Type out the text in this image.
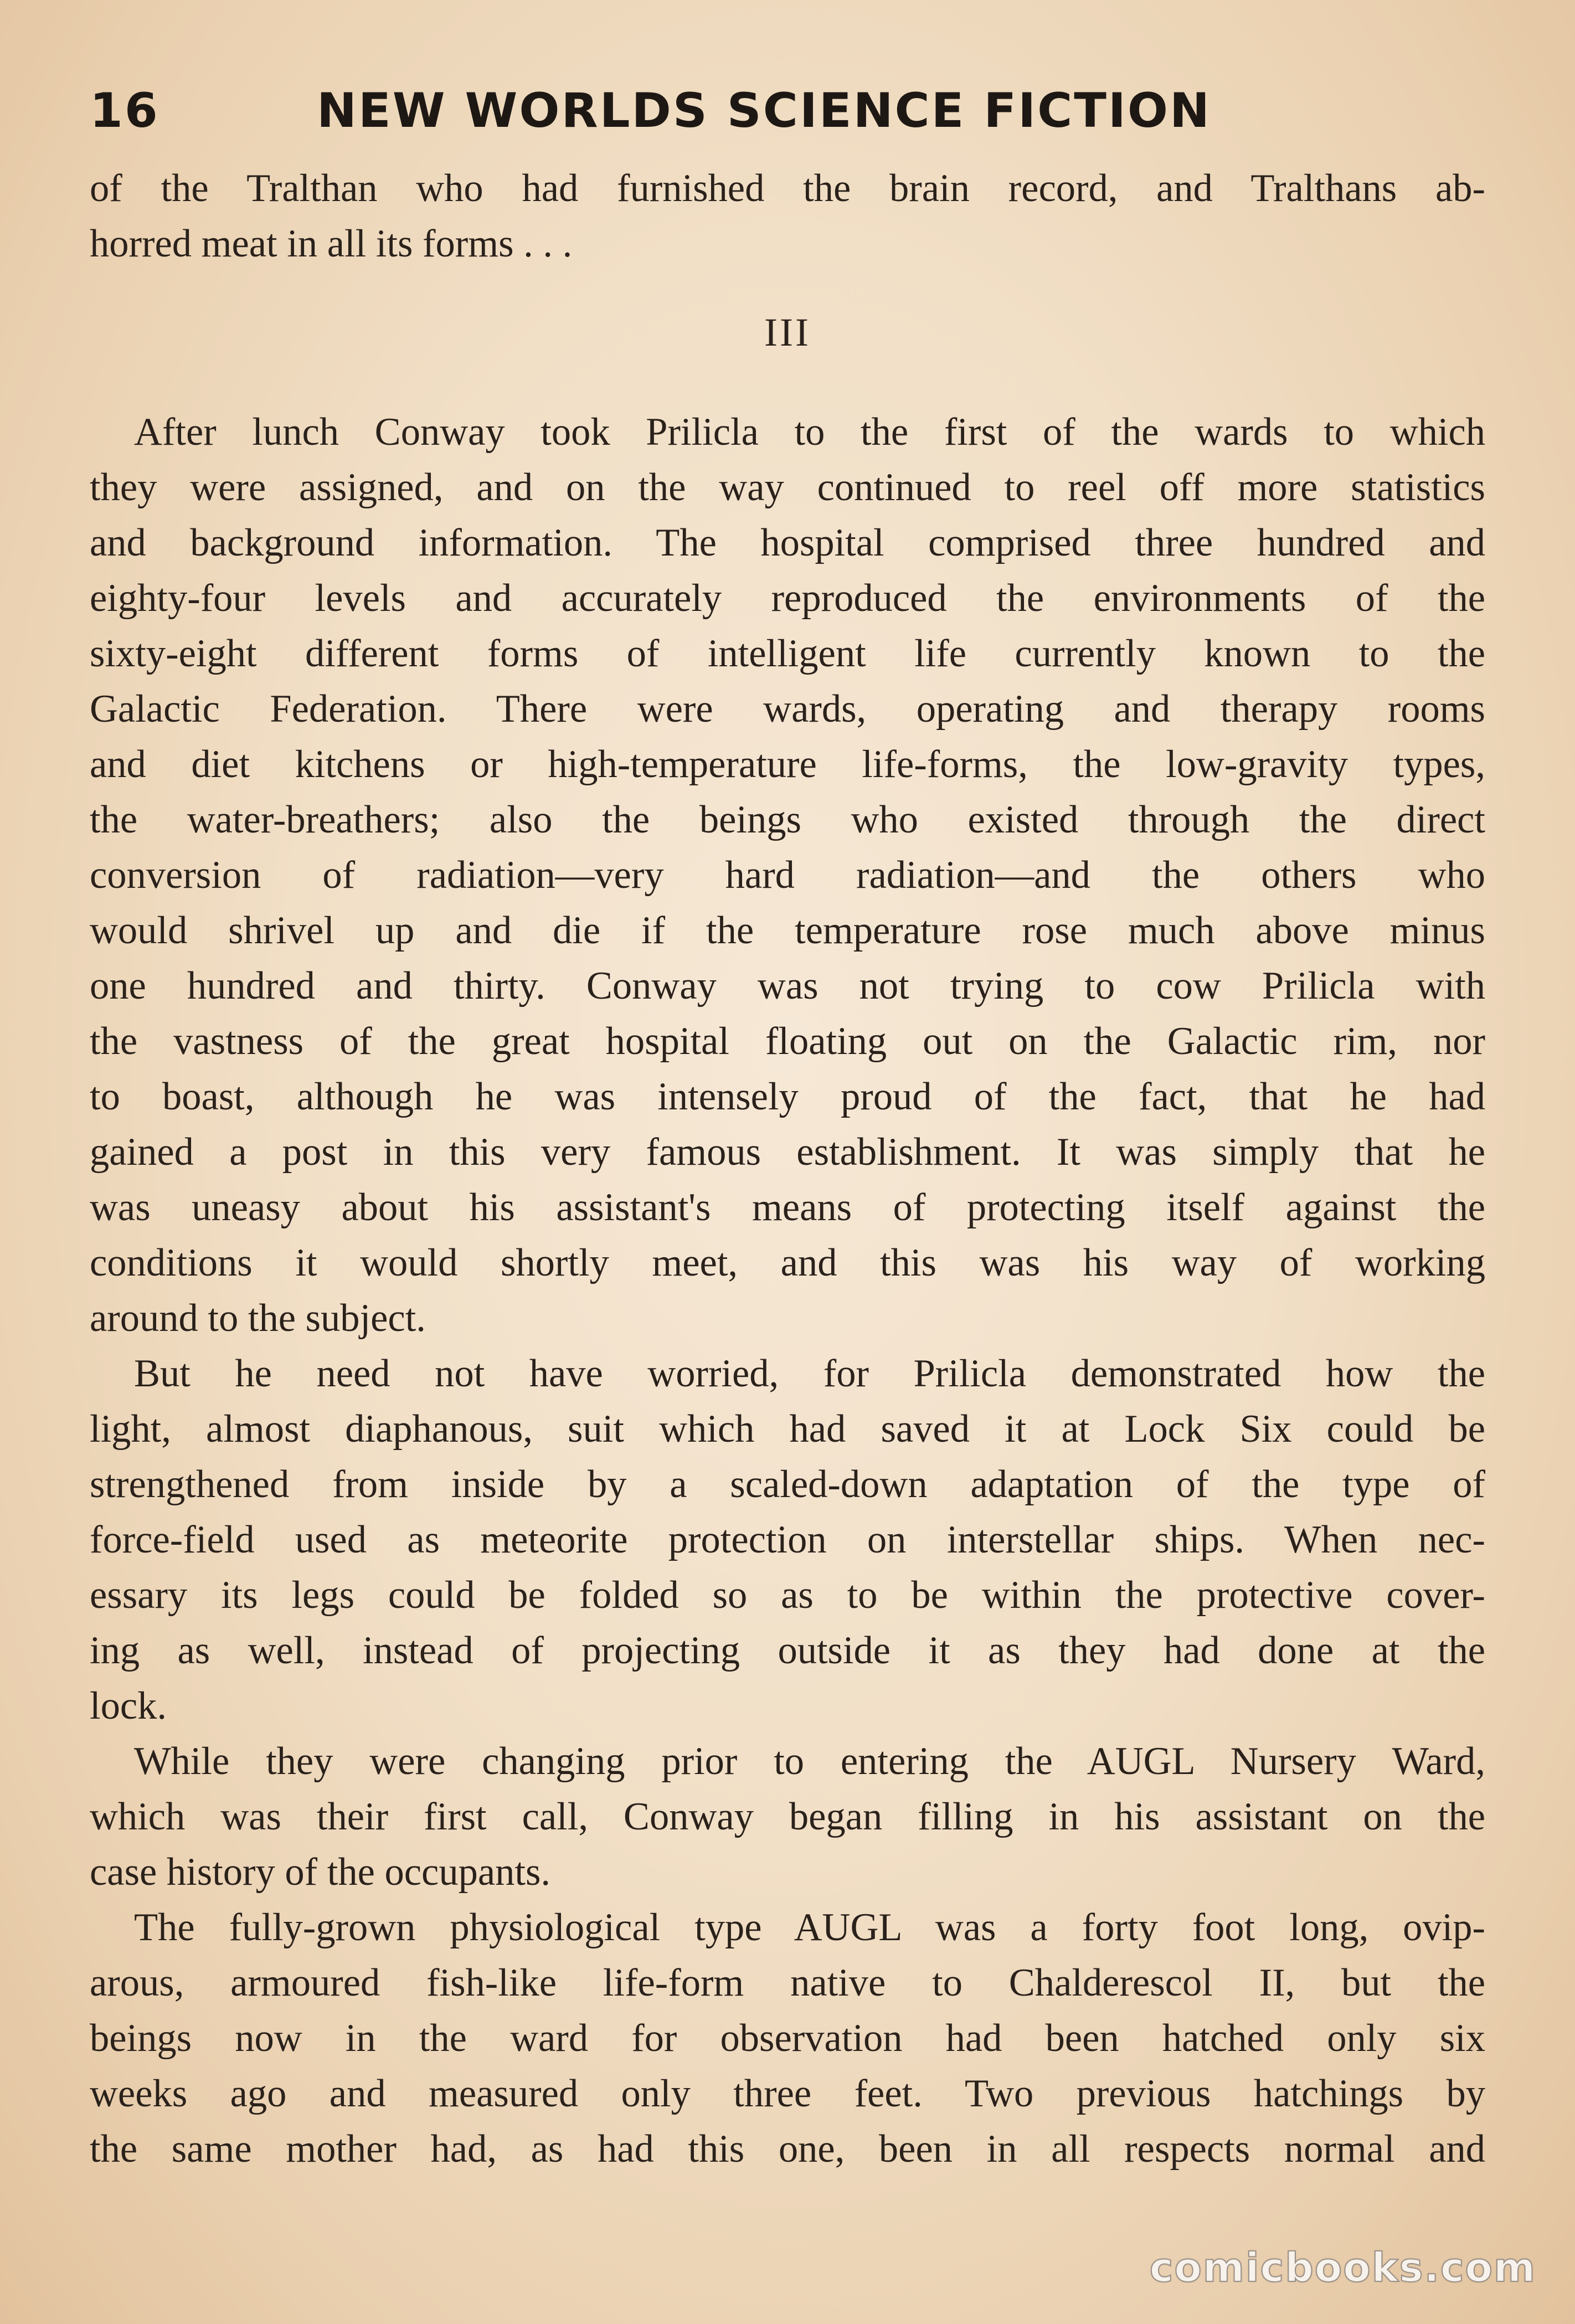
16	NEW WORLDS SCIENCE FICTION
of the Tralthan who had furnished the brain record, and Tralthans ab-
horred meat in all its forms . . .
III
After lunch Conway took Prilicla to the first of the wards to which
they were assigned, and on the way continued to reel off more statistics
and background information. The hospital comprised three hundred and
eighty-four levels and accurately reproduced the environments of the
sixty-eight different forms of intelligent life currently known to the
Galactic Federation. There were wards, operating and therapy rooms
and diet kitchens or high-temperature life-forms, the low-gravity types,
the water-breathers; also the beings who existed through the direct
conversion of radiation—very hard radiation—and the others who
would shrivel up and die if the temperature rose much above minus
one hundred and thirty. Conway was not trying to cow Prilicla with
the vastness of the great hospital floating out on the Galactic rim, nor
to boast, although he was intensely proud of the fact, that he had
gained a post in this very famous establishment. It was simply that he
was uneasy about his assistant's means of protecting itself against the
conditions it would shortly meet, and this was his way of working
around to the subject.
But he need not have worried, for Prilicla demonstrated how the
light, almost diaphanous, suit which had saved it at Lock Six could be
strengthened from inside by a scaled-down adaptation of the type of
force-field used as meteorite protection on interstellar ships. When nec-
essary its legs could be folded so as to be within the protective cover-
ing as well, instead of projecting outside it as they had done at the
lock.
While they were changing prior to entering the AUGL Nursery Ward,
which was their first call, Conway began filling in his assistant on the
case history of the occupants.
The fully-grown physiological type AUGL was a forty foot long, ovip-
arous, armoured fish-like life-form native to Chalderescol II, but the
beings now in the ward for observation had been hatched only six
weeks ago and measured only three feet. Two previous hatchings by
the same mother had, as had this one, been in all respects normal and
comicbooks.com
